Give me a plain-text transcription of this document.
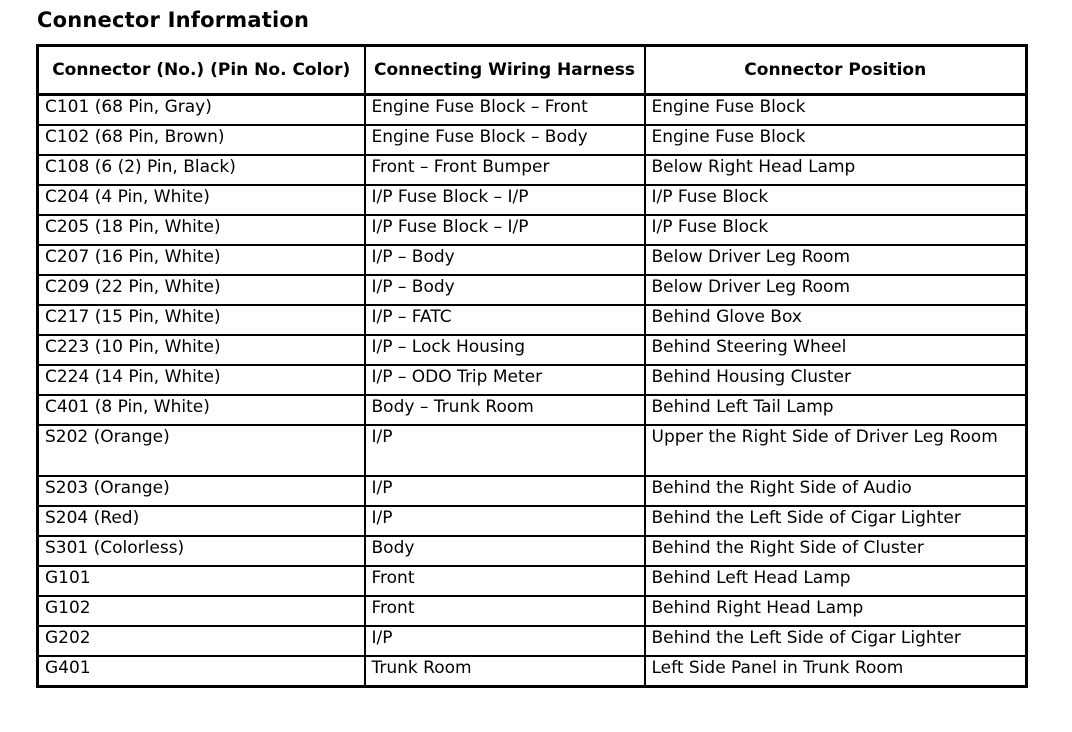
Connector Information
Connector (No.) (Pin No. Color)	Connecting Wiring Harness	Connector Position
C101 (68 Pin, Gray)	Engine Fuse Block – Front	Engine Fuse Block
C102 (68 Pin, Brown)	Engine Fuse Block – Body	Engine Fuse Block
C108 (6 (2) Pin, Black)	Front – Front Bumper	Below Right Head Lamp
C204 (4 Pin, White)	I/P Fuse Block – I/P	I/P Fuse Block
C205 (18 Pin, White)	I/P Fuse Block – I/P	I/P Fuse Block
C207 (16 Pin, White)	I/P – Body	Below Driver Leg Room
C209 (22 Pin, White)	I/P – Body	Below Driver Leg Room
C217 (15 Pin, White)	I/P – FATC	Behind Glove Box
C223 (10 Pin, White)	I/P – Lock Housing	Behind Steering Wheel
C224 (14 Pin, White)	I/P – ODO Trip Meter	Behind Housing Cluster
C401 (8 Pin, White)	Body – Trunk Room	Behind Left Tail Lamp
S202 (Orange)	I/P	Upper the Right Side of Driver Leg Room
S203 (Orange)	I/P	Behind the Right Side of Audio
S204 (Red)	I/P	Behind the Left Side of Cigar Lighter
S301 (Colorless)	Body	Behind the Right Side of Cluster
G101	Front	Behind Left Head Lamp
G102	Front	Behind Right Head Lamp
G202	I/P	Behind the Left Side of Cigar Lighter
G401	Trunk Room	Left Side Panel in Trunk Room
